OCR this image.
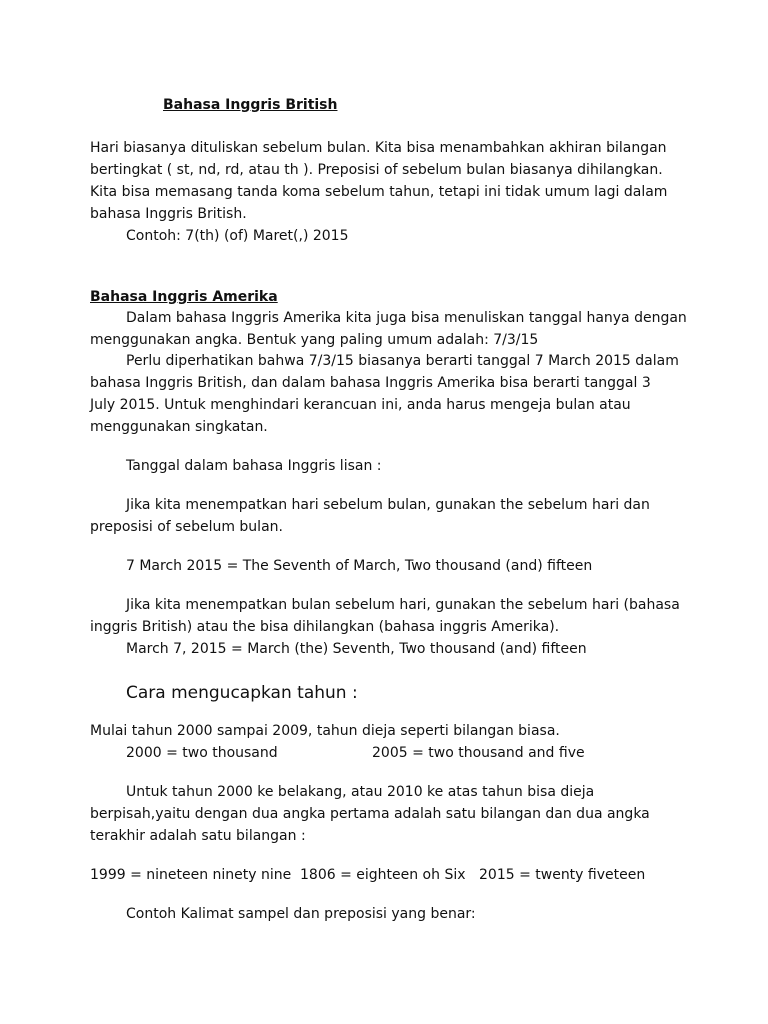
Bahasa Inggris British
Hari biasanya dituliskan sebelum bulan. Kita bisa menambahkan akhiran bilangan
bertingkat ( st, nd, rd, atau th ). Preposisi of sebelum bulan biasanya dihilangkan.
Kita bisa memasang tanda koma sebelum tahun, tetapi ini tidak umum lagi dalam
bahasa Inggris British.
Contoh: 7(th) (of) Maret(,) 2015
Bahasa Inggris Amerika
Dalam bahasa Inggris Amerika kita juga bisa menuliskan tanggal hanya dengan
menggunakan angka. Bentuk yang paling umum adalah: 7/3/15
Perlu diperhatikan bahwa 7/3/15 biasanya berarti tanggal 7 March 2015 dalam
bahasa Inggris British, dan dalam bahasa Inggris Amerika bisa berarti tanggal 3
July 2015. Untuk menghindari kerancuan ini, anda harus mengeja bulan atau
menggunakan singkatan.
Tanggal dalam bahasa Inggris lisan :
Jika kita menempatkan hari sebelum bulan, gunakan the sebelum hari dan
preposisi of sebelum bulan.
7 March 2015 = The Seventh of March, Two thousand (and) fifteen
Jika kita menempatkan bulan sebelum hari, gunakan the sebelum hari (bahasa
inggris British) atau the bisa dihilangkan (bahasa inggris Amerika).
March 7, 2015 = March (the) Seventh, Two thousand (and) fifteen
Cara mengucapkan tahun :
Mulai tahun 2000 sampai 2009, tahun dieja seperti bilangan biasa.
2000 = two thousand	2005 = two thousand and five
Untuk tahun 2000 ke belakang, atau 2010 ke atas tahun bisa dieja
berpisah,yaitu dengan dua angka pertama adalah satu bilangan dan dua angka
terakhir adalah satu bilangan :
1999 = nineteen ninety nine 1806 = eighteen oh Six 2015 = twenty fiveteen
Contoh Kalimat sampel dan preposisi yang benar:
